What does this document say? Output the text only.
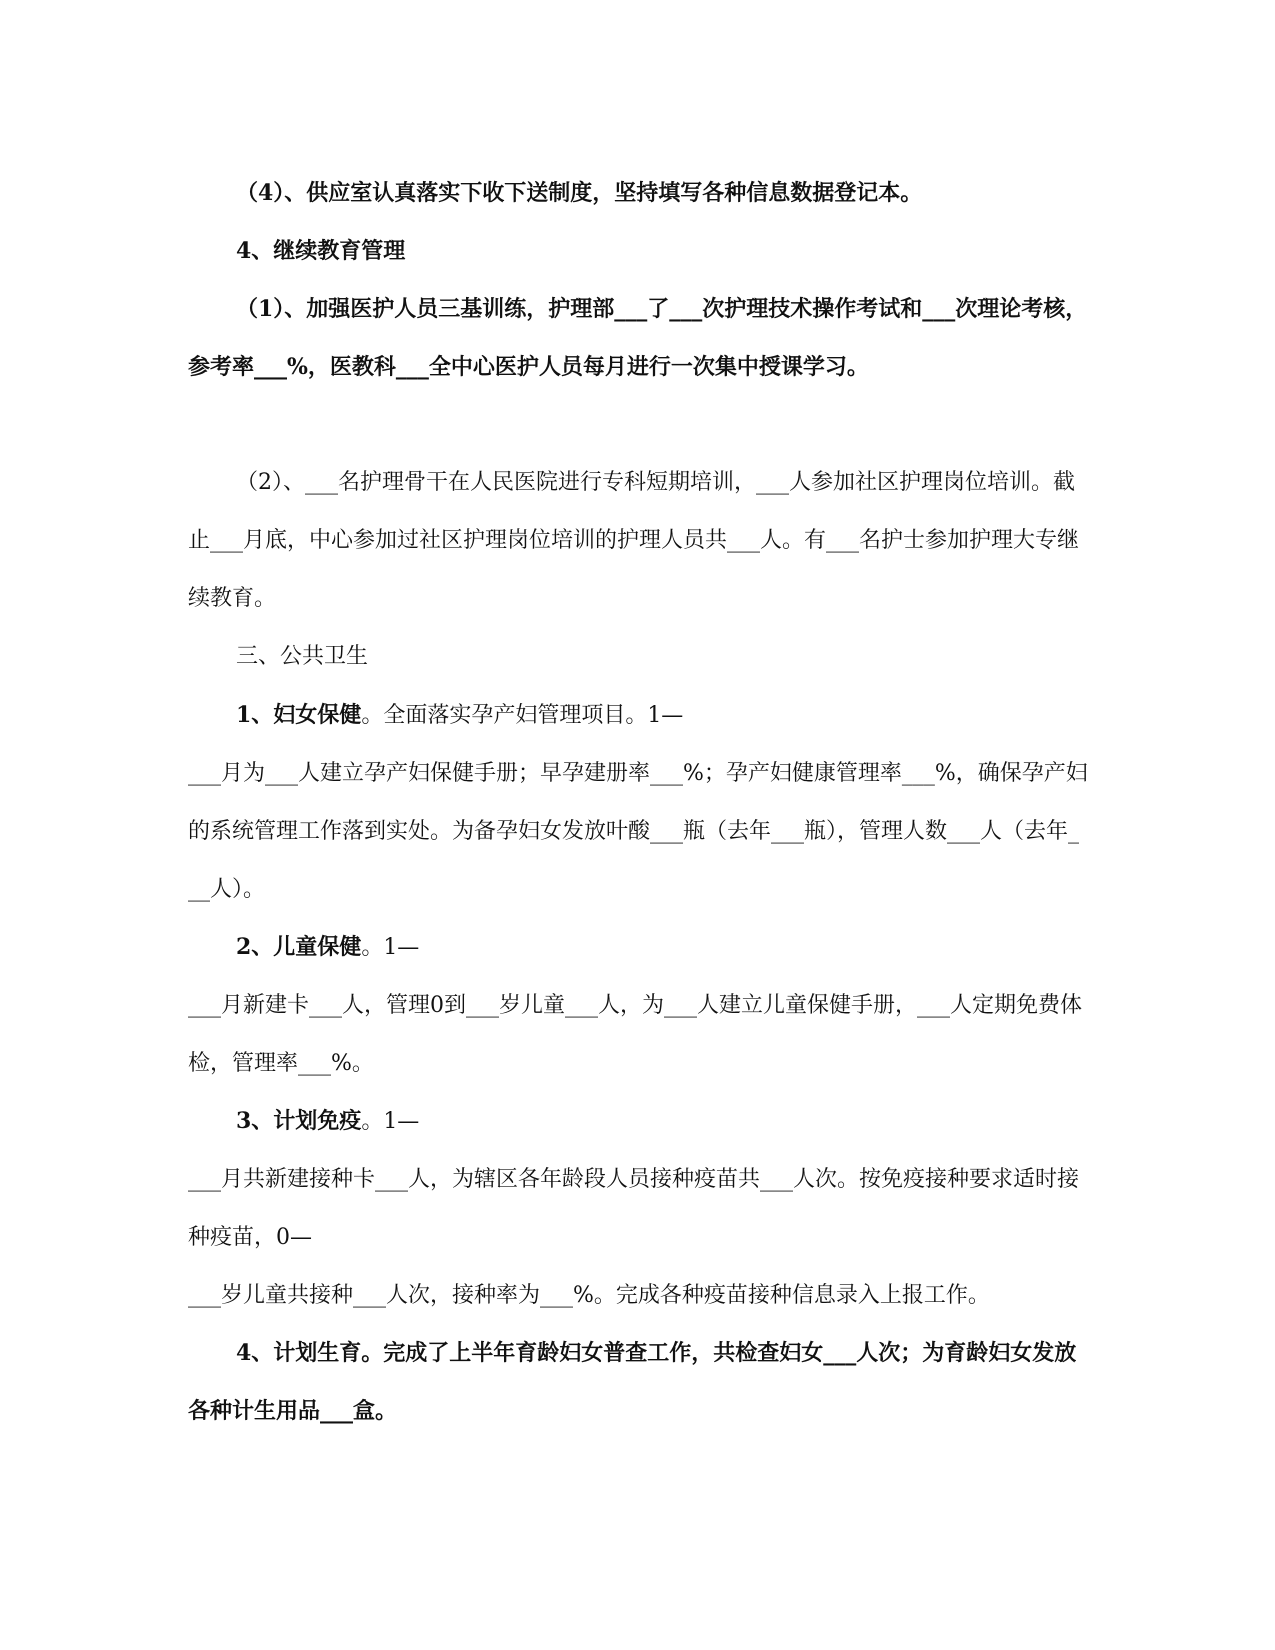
（4）、供应室认真落实下收下送制度，坚持填写各种信息数据登记本。

4、继续教育管理

（1）、加强医护人员三基训练，护理部___了___次护理技术操作考试和___次理论考核，参考率___%，医教科___全中心医护人员每月进行一次集中授课学习。

（2）、___名护理骨干在人民医院进行专科短期培训，___人参加社区护理岗位培训。截止___月底，中心参加过社区护理岗位培训的护理人员共___人。有___名护士参加护理大专继续教育。

三、公共卫生

1、妇女保健。全面落实孕产妇管理项目。1—
___月为___人建立孕产妇保健手册；早孕建册率___%；孕产妇健康管理率___%，确保孕产妇的系统管理工作落到实处。为备孕妇女发放叶酸___瓶（去年___瓶），管理人数___人（去年___人）。

2、儿童保健。1—
___月新建卡___人，管理0到___岁儿童___人，为___人建立儿童保健手册，___人定期免费体检，管理率___%。

3、计划免疫。1—
___月共新建接种卡___人，为辖区各年龄段人员接种疫苗共___人次。按免疫接种要求适时接种疫苗，0—
___岁儿童共接种___人次，接种率为___%。完成各种疫苗接种信息录入上报工作。

4、计划生育。完成了上半年育龄妇女普查工作，共检查妇女___人次；为育龄妇女发放各种计生用品___盒。
